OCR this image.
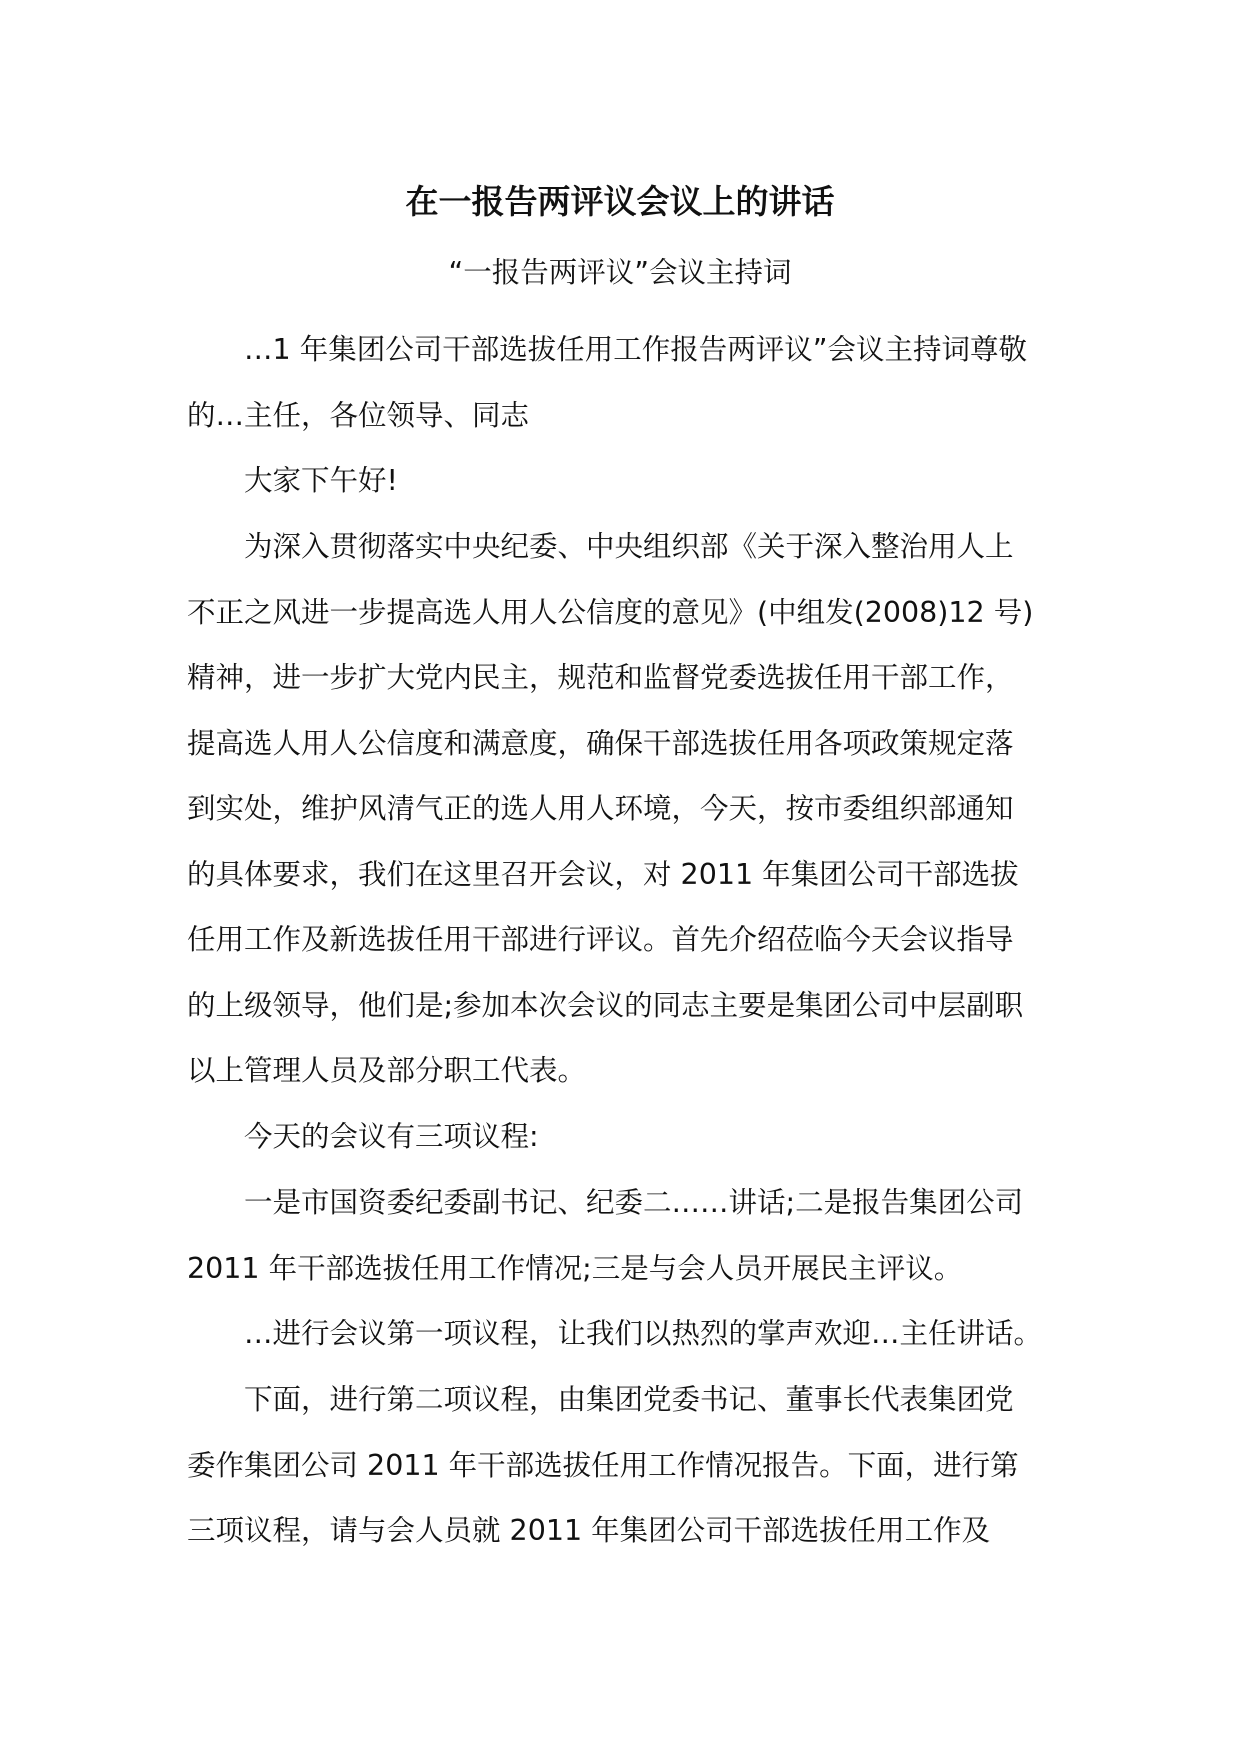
在一报告两评议会议上的讲话
“一报告两评议”会议主持词
…1 年集团公司干部选拔任用工作报告两评议”会议主持词尊敬
的…主任，各位领导、同志
大家下午好!
为深入贯彻落实中央纪委、中央组织部《关于深入整治用人上
不正之风进一步提高选人用人公信度的意见》(中组发(2008)12 号)
精神，进一步扩大党内民主，规范和监督党委选拔任用干部工作，
提高选人用人公信度和满意度，确保干部选拔任用各项政策规定落
到实处，维护风清气正的选人用人环境，今天，按市委组织部通知
的具体要求，我们在这里召开会议，对 2011 年集团公司干部选拔
任用工作及新选拔任用干部进行评议。首先介绍莅临今天会议指导
的上级领导，他们是;参加本次会议的同志主要是集团公司中层副职
以上管理人员及部分职工代表。
今天的会议有三项议程:
一是市国资委纪委副书记、纪委二……讲话;二是报告集团公司
2011 年干部选拔任用工作情况;三是与会人员开展民主评议。
…进行会议第一项议程，让我们以热烈的掌声欢迎…主任讲话。
下面，进行第二项议程，由集团党委书记、董事长代表集团党
委作集团公司 2011 年干部选拔任用工作情况报告。下面，进行第
三项议程，请与会人员就 2011 年集团公司干部选拔任用工作及
